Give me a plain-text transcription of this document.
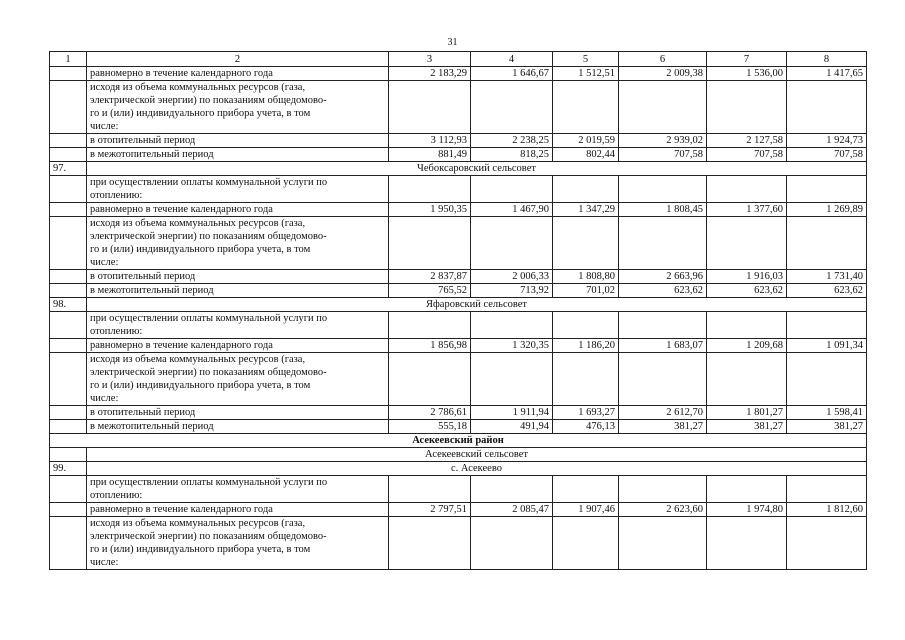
31
1	2	3	4	5	6	7	8
	равномерно в течение календарного года	2 183,29	1 646,67	1 512,51	2 009,38	1 536,00	1 417,65

	исходя из объема коммунальных ресурсов (газа,
электрической энергии) по показаниям общедомово-
го и (или) индивидуального прибора учета, в том
числе:						

	в отопительный период	3 112,93	2 238,25	2 019,59	2 939,02	2 127,58	1 924,73
	в межотопительный период	881,49	818,25	802,44	707,58	707,58	707,58
97.	Чебоксаровский сельсовет						

	при осуществлении оплаты коммунальной услуги по
отоплению:						

	равномерно в течение календарного года	1 950,35	1 467,90	1 347,29	1 808,45	1 377,60	1 269,89

	исходя из объема коммунальных ресурсов (газа,
электрической энергии) по показаниям общедомово-
го и (или) индивидуального прибора учета, в том
числе:						

	в отопительный период	2 837,87	2 006,33	1 808,80	2 663,96	1 916,03	1 731,40
	в межотопительный период	765,52	713,92	701,02	623,62	623,62	623,62
98.	Яфаровский сельсовет						

	при осуществлении оплаты коммунальной услуги по
отоплению:						

	равномерно в течение календарного года	1 856,98	1 320,35	1 186,20	1 683,07	1 209,68	1 091,34

	исходя из объема коммунальных ресурсов (газа,
электрической энергии) по показаниям общедомово-
го и (или) индивидуального прибора учета, в том
числе:						

	в отопительный период	2 786,61	1 911,94	1 693,27	2 612,70	1 801,27	1 598,41
	в межотопительный период	555,18	491,94	476,13	381,27	381,27	381,27
Асекеевский район							
	Асекеевский сельсовет						
99.	с. Асекеево						

	при осуществлении оплаты коммунальной услуги по
отоплению:						

	равномерно в течение календарного года	2 797,51	2 085,47	1 907,46	2 623,60	1 974,80	1 812,60

	исходя из объема коммунальных ресурсов (газа,
электрической энергии) по показаниям общедомово-
го и (или) индивидуального прибора учета, в том
числе:						
